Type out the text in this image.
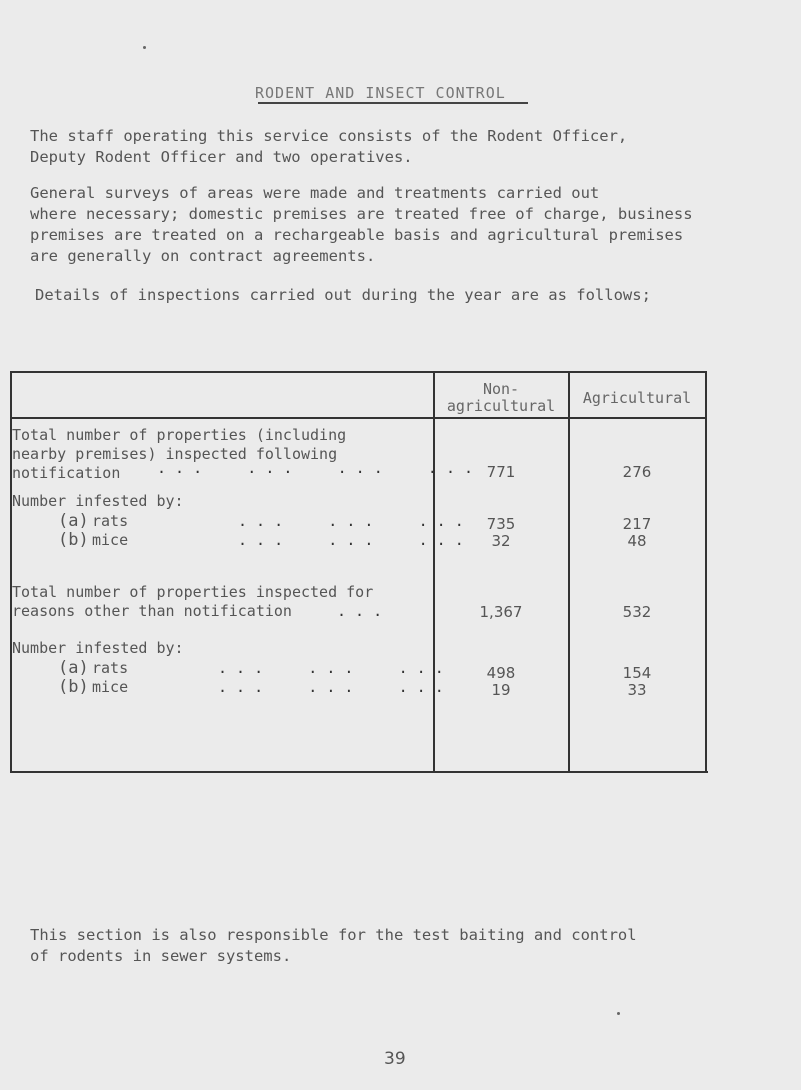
RODENT AND INSECT CONTROL
The staff operating this service consists of the Rodent Officer,
Deputy Rodent Officer and two operatives.
General surveys of areas were made and treatments carried out
where necessary; domestic premises are treated free of charge, business
premises are treated on a rechargeable basis and agricultural premises
are generally on contract agreements.
Details of inspections carried out during the year are as follows;
Non-
agricultural	Agricultural
Total number of properties (including
nearby premises) inspected following
notification	. . .     . . .     . . .     . . . 771	276
Number infested by:
(a) rats	. . .     . . .     . . .	735	217
(b) mice	. . .     . . .     . . .	32	48
Total number of properties inspected for
reasons other than notification	. . .	1,367	532
Number infested by:
(a) rats	. . .     . . .     . . .	498	154
(b) mice	. . .     . . .     . . .	19	33
This section is also responsible for the test baiting and control
of rodents in sewer systems.
39
